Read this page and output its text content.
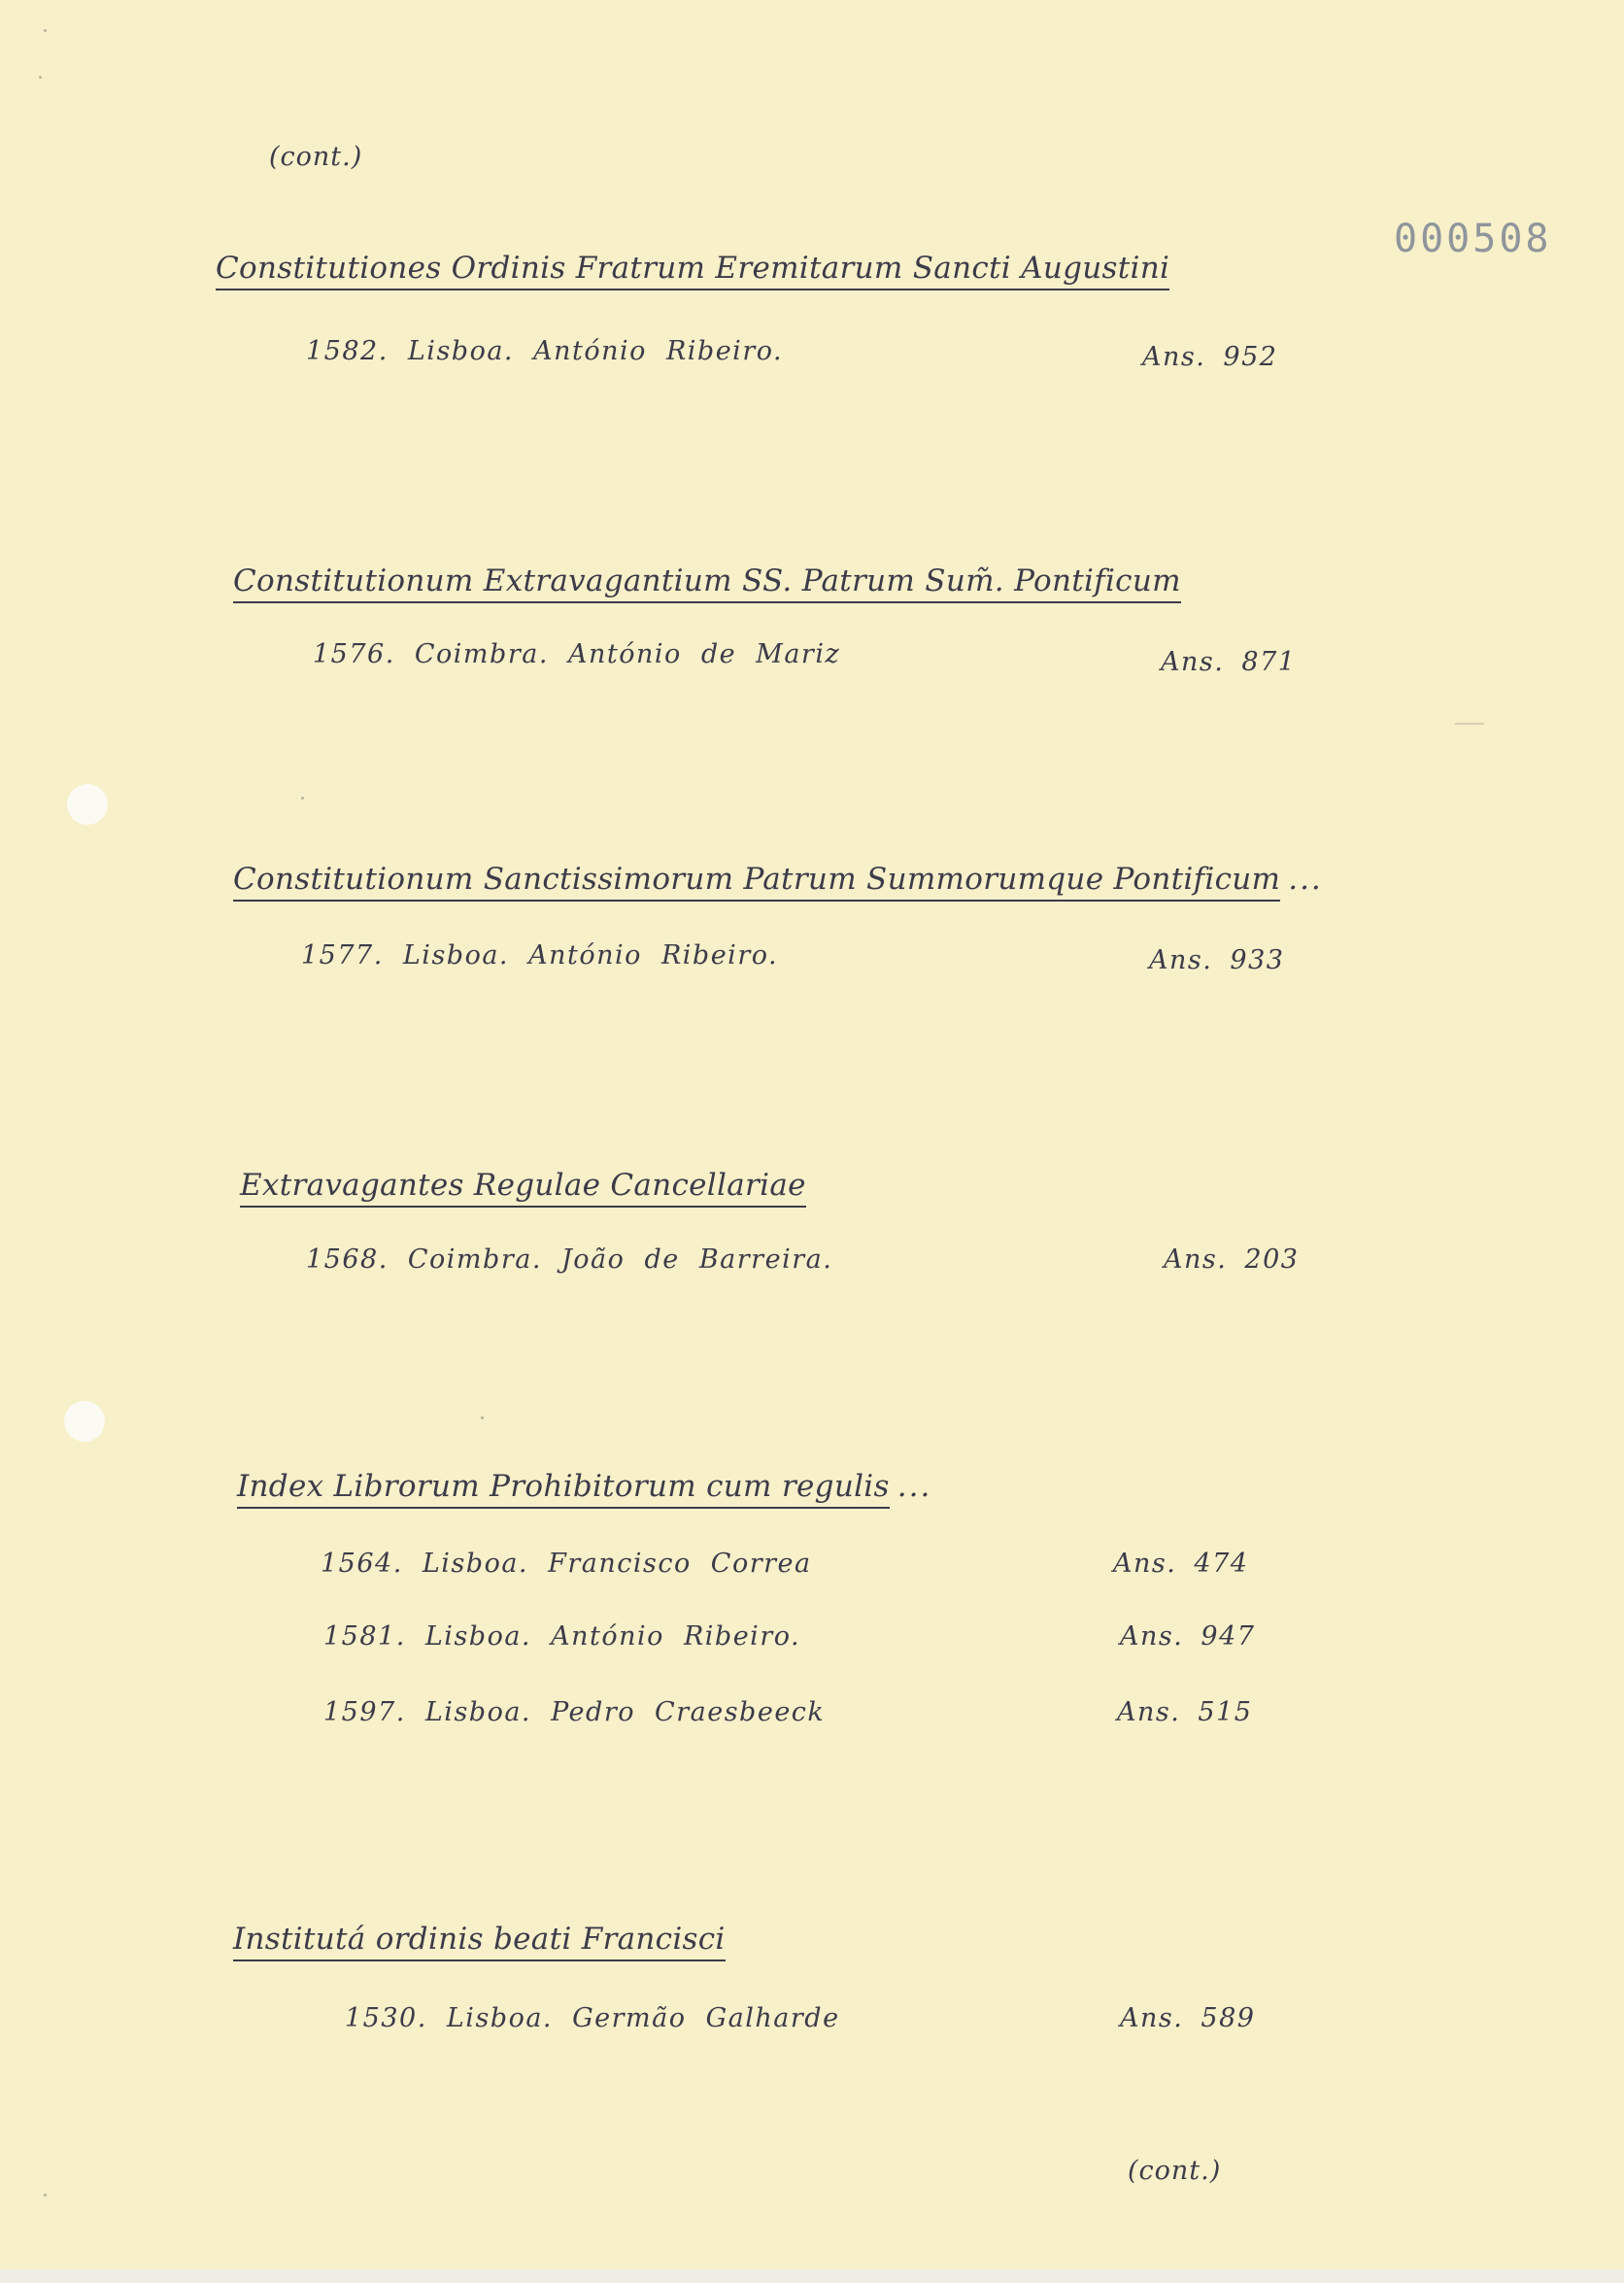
(cont.)
000508
Constitutiones Ordinis Fratrum Eremitarum Sancti Augustini
1582. Lisboa. António Ribeiro.	Ans. 952
Constitutionum Extravagantium SS. Patrum Sum̃. Pontificum
1576. Coimbra. António de Mariz	Ans. 871
Constitutionum Sanctissimorum Patrum Summorumque Pontificum ...
1577. Lisboa. António Ribeiro.	Ans. 933
Extravagantes Regulae Cancellariae
1568. Coimbra. João de Barreira.	Ans. 203
Index Librorum Prohibitorum cum regulis ...
1564. Lisboa. Francisco Correa	Ans. 474
1581. Lisboa. António Ribeiro.	Ans. 947
1597. Lisboa. Pedro Craesbeeck	Ans. 515
Institutá ordinis beati Francisci
1530. Lisboa. Germão Galharde	Ans. 589
(cont.)
